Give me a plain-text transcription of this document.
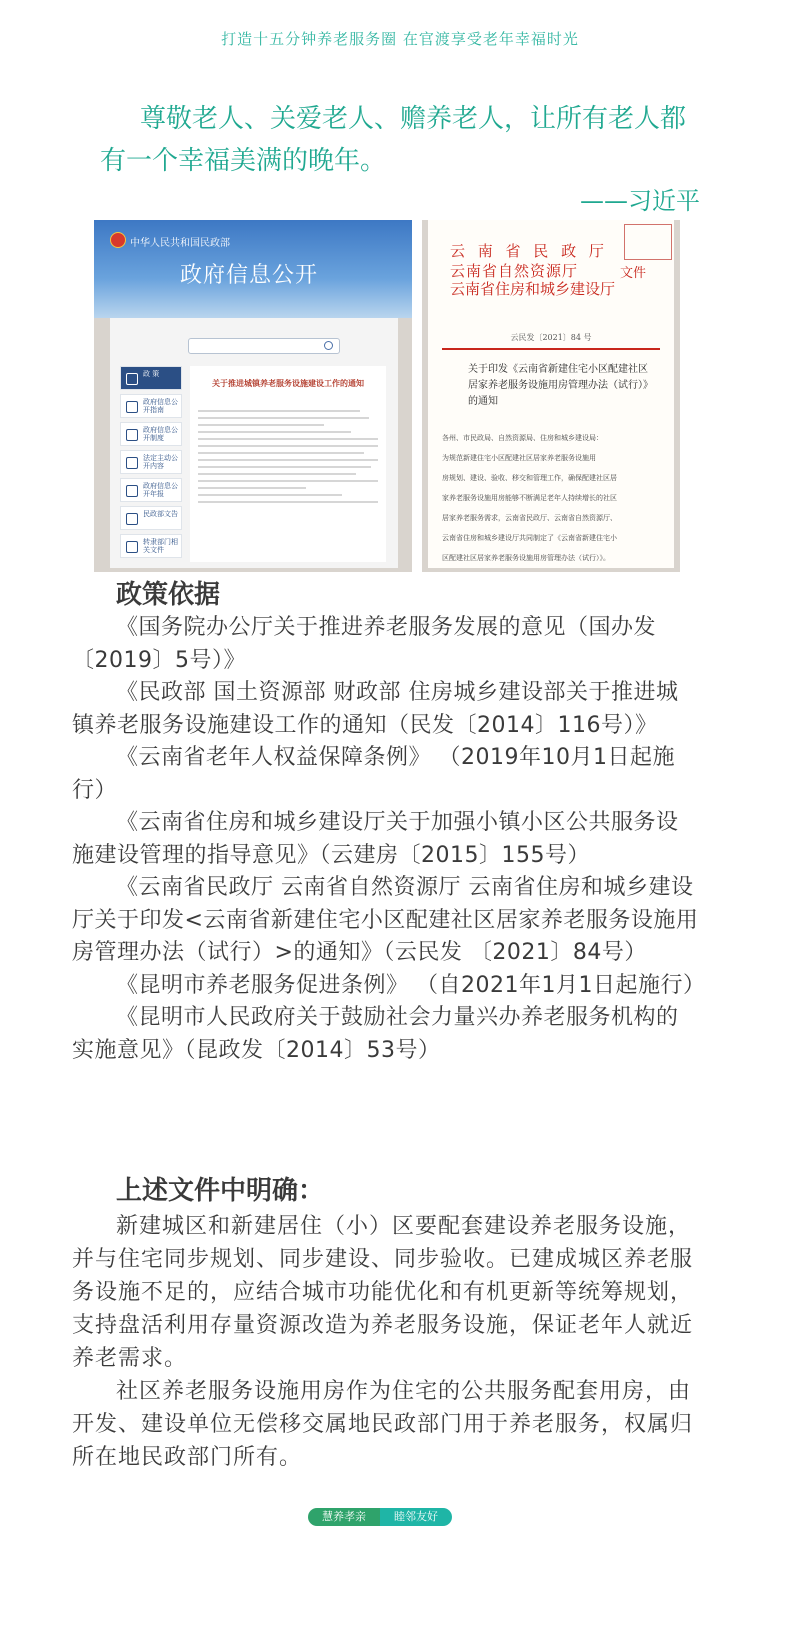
打造十五分钟养老服务圈 在官渡享受老年幸福时光

尊敬老人、关爱老人、赡养老人，让所有老人都有一个幸福美满的晚年。

——习近平
中华人民共和国民政部
政府信息公开
政 策
政府信息公开指南
政府信息公开制度
法定主动公开内容
政府信息公开年报
民政部文告
转隶部门相关文件
关于推进城镇养老服务设施建设工作的通知
云 南 省 民 政 厅
云南省自然资源厅
云南省住房和城乡建设厅
文件
云民发〔2021〕84 号
关于印发《云南省新建住宅小区配建社区居家养老服务设施用房管理办法（试行）》的通知
各州、市民政局、自然资源局、住房和城乡建设局：
为规范新建住宅小区配建社区居家养老服务设施用
房规划、建设、验收、移交和管理工作，确保配建社区居
家养老服务设施用房能够不断满足老年人持续增长的社区
居家养老服务需求，云南省民政厅、云南省自然资源厅、
云南省住房和城乡建设厅共同制定了《云南省新建住宅小
区配建社区居家养老服务设施用房管理办法（试行）》。
政策依据

《国务院办公厅关于推进养老服务发展的意见（国办发〔2019〕5号）》

《民政部 国土资源部 财政部 住房城乡建设部关于推进城镇养老服务设施建设工作的通知（民发〔2014〕116号）》

《云南省老年人权益保障条例》 （2019年10月1日起施行）

《云南省住房和城乡建设厅关于加强小镇小区公共服务设施建设管理的指导意见》（云建房〔2015〕155号）

《云南省民政厅 云南省自然资源厅 云南省住房和城乡建设厅关于印发<云南省新建住宅小区配建社区居家养老服务设施用房管理办法（试行）>的通知》（云民发 〔2021〕84号）

《昆明市养老服务促进条例》 （自2021年1月1日起施行）

《昆明市人民政府关于鼓励社会力量兴办养老服务机构的实施意见》（昆政发〔2014〕53号）

上述文件中明确：

新建城区和新建居住（小）区要配套建设养老服务设施，并与住宅同步规划、同步建设、同步验收。已建成城区养老服务设施不足的，应结合城市功能优化和有机更新等统筹规划，支持盘活利用存量资源改造为养老服务设施，保证老年人就近养老需求。

社区养老服务设施用房作为住宅的公共服务配套用房，由开发、建设单位无偿移交属地民政部门用于养老服务，权属归所在地民政部门所有。

慧养孝亲	睦邻友好
